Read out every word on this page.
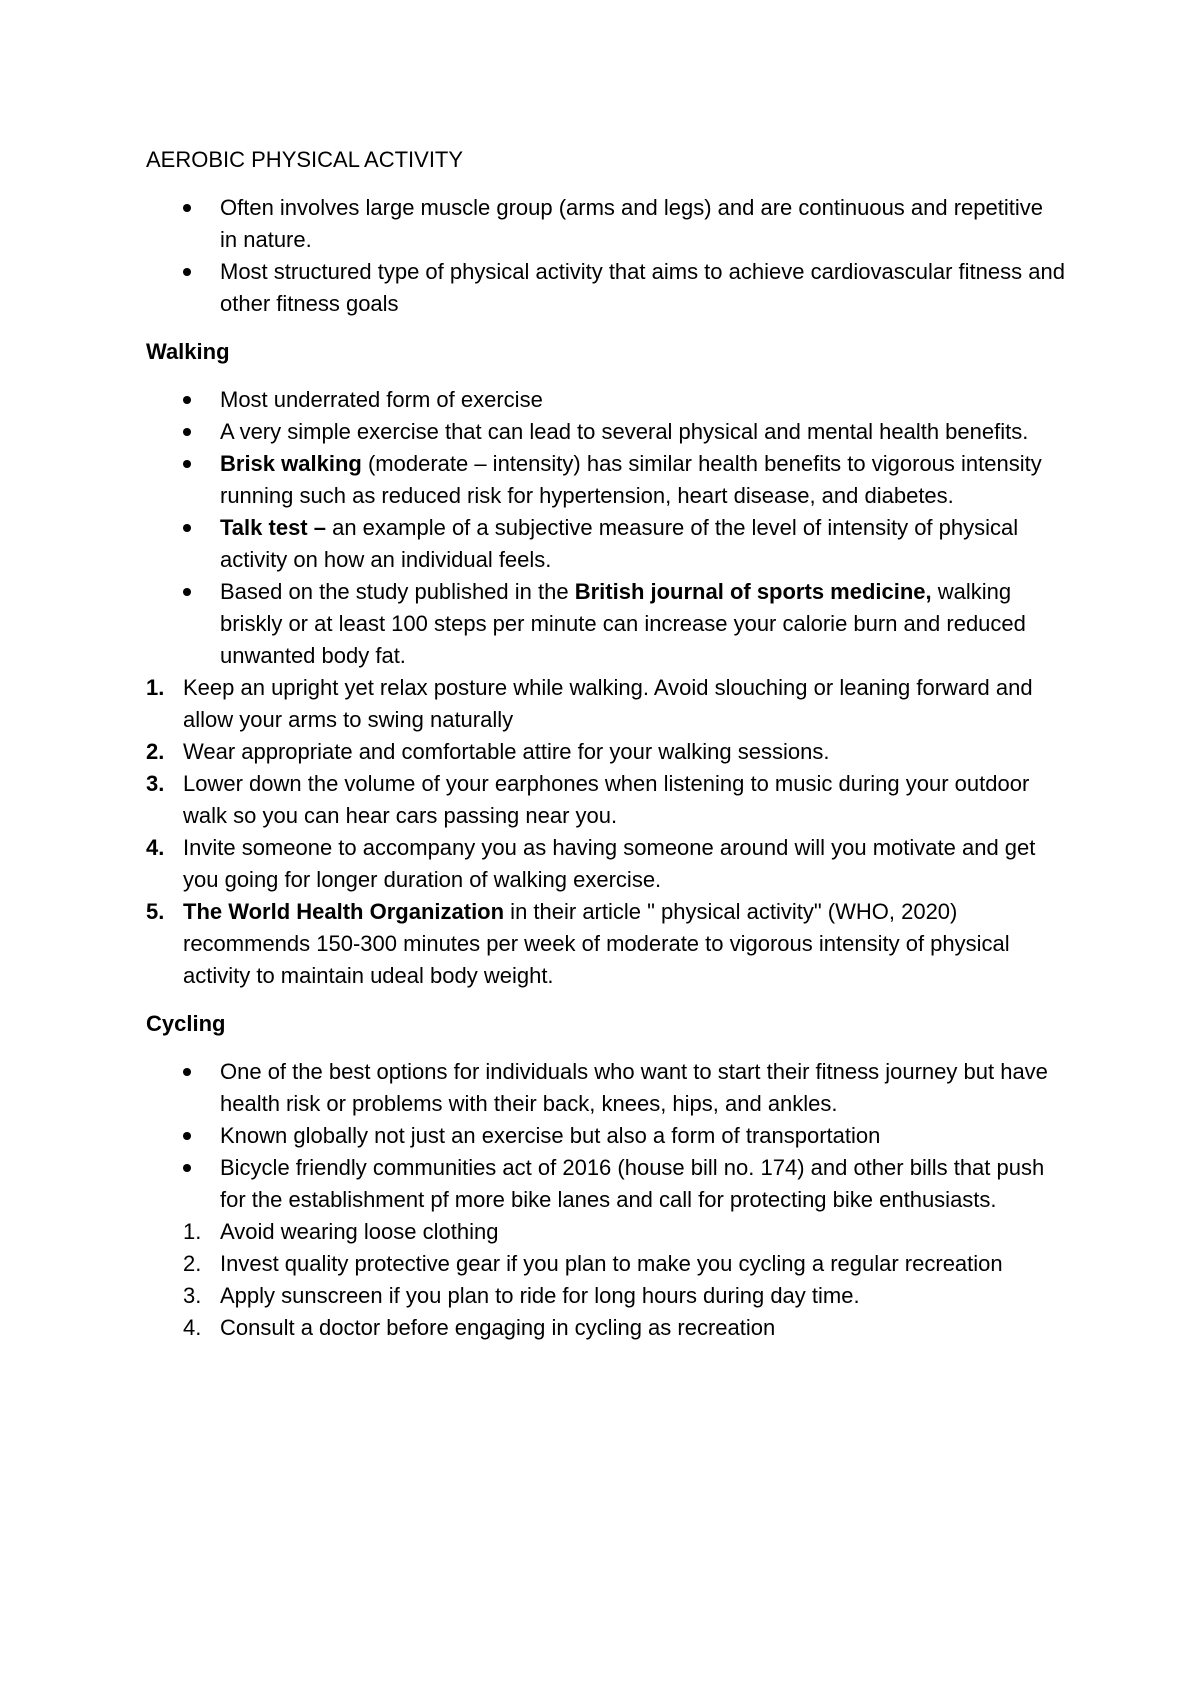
AEROBIC PHYSICAL ACTIVITY
Often involves large muscle group (arms and legs) and are continuous and repetitive in nature.
Most structured type of physical activity that aims to achieve cardiovascular fitness and other fitness goals
Walking
Most underrated form of exercise
A very simple exercise that can lead to several physical and mental health benefits.
Brisk walking (moderate – intensity) has similar health benefits to vigorous intensity running such as reduced risk for hypertension, heart disease, and diabetes.
Talk test – an example of a subjective measure of the level of intensity of physical activity on how an individual feels.
Based on the study published in the British journal of sports medicine, walking briskly or at least 100 steps per minute can increase your calorie burn and reduced unwanted body fat.
1. Keep an upright yet relax posture while walking. Avoid slouching or leaning forward and allow your arms to swing naturally
2. Wear appropriate and comfortable attire for your walking sessions.
3. Lower down the volume of your earphones when listening to music during your outdoor walk so you can hear cars passing near you.
4. Invite someone to accompany you as having someone around will you motivate and get you going for longer duration of walking exercise.
5. The World Health Organization in their article " physical activity" (WHO, 2020) recommends 150-300 minutes per week of moderate to vigorous intensity of physical activity to maintain udeal body weight.
Cycling
One of the best options for individuals who want to start their fitness journey but have health risk or problems with their back, knees, hips, and ankles.
Known globally not just an exercise but also a form of transportation
Bicycle friendly communities act of 2016 (house bill no. 174) and other bills that push for the establishment pf more bike lanes and call for protecting bike enthusiasts.
1. Avoid wearing loose clothing
2. Invest quality protective gear if you plan to make you cycling a regular recreation
3. Apply sunscreen if you plan to ride for long hours during day time.
4. Consult a doctor before engaging in cycling as recreation
